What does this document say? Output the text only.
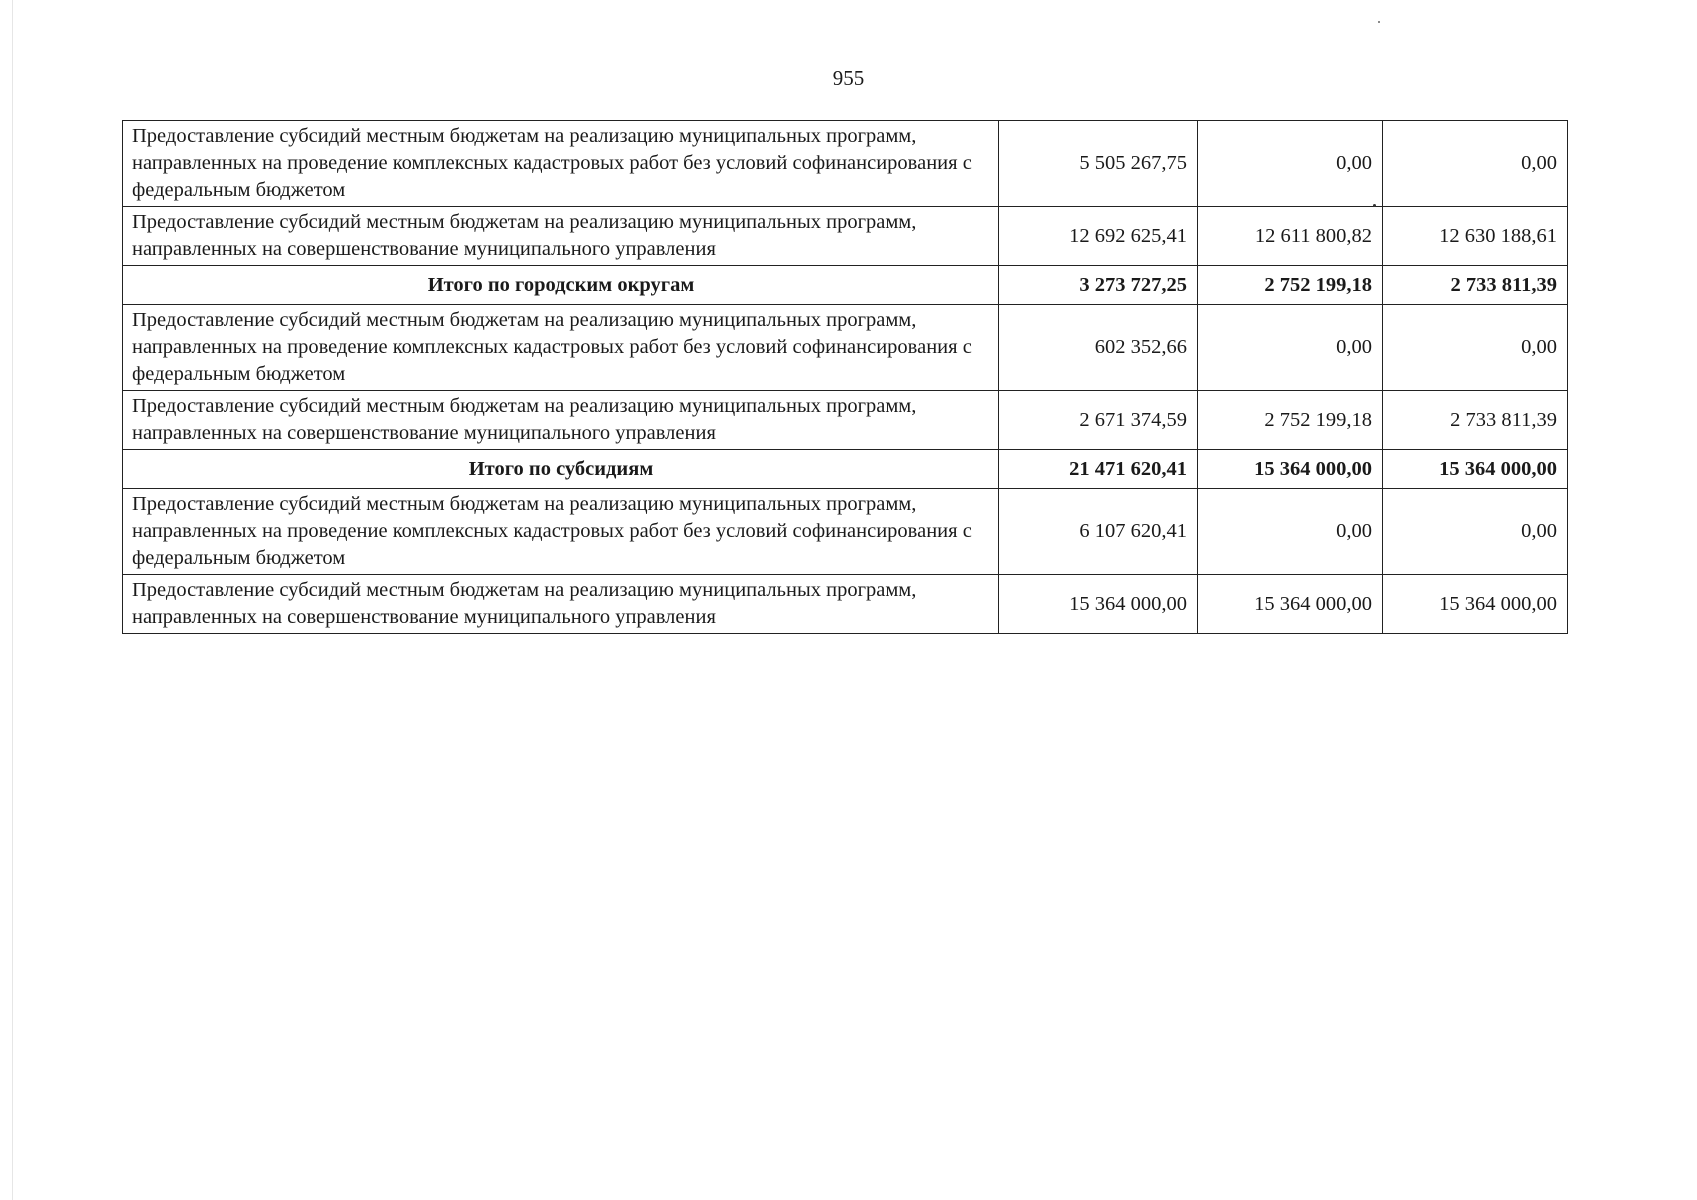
955
Предоставление субсидий местным бюджетам на реализацию муниципальных программ, направленных на проведение комплексных кадастровых работ без условий софинансирования с федеральным бюджетом	5 505 267,75	0,00	0,00
Предоставление субсидий местным бюджетам на реализацию муниципальных программ, направленных на совершенствование муниципального управления	12 692 625,41	12 611 800,82	12 630 188,61
Итого по городским округам	3 273 727,25	2 752 199,18	2 733 811,39
Предоставление субсидий местным бюджетам на реализацию муниципальных программ, направленных на проведение комплексных кадастровых работ без условий софинансирования с федеральным бюджетом	602 352,66	0,00	0,00
Предоставление субсидий местным бюджетам на реализацию муниципальных программ, направленных на совершенствование муниципального управления	2 671 374,59	2 752 199,18	2 733 811,39
Итого по субсидиям	21 471 620,41	15 364 000,00	15 364 000,00
Предоставление субсидий местным бюджетам на реализацию муниципальных программ, направленных на проведение комплексных кадастровых работ без условий софинансирования с федеральным бюджетом	6 107 620,41	0,00	0,00
Предоставление субсидий местным бюджетам на реализацию муниципальных программ, направленных на совершенствование муниципального управления	15 364 000,00	15 364 000,00	15 364 000,00
